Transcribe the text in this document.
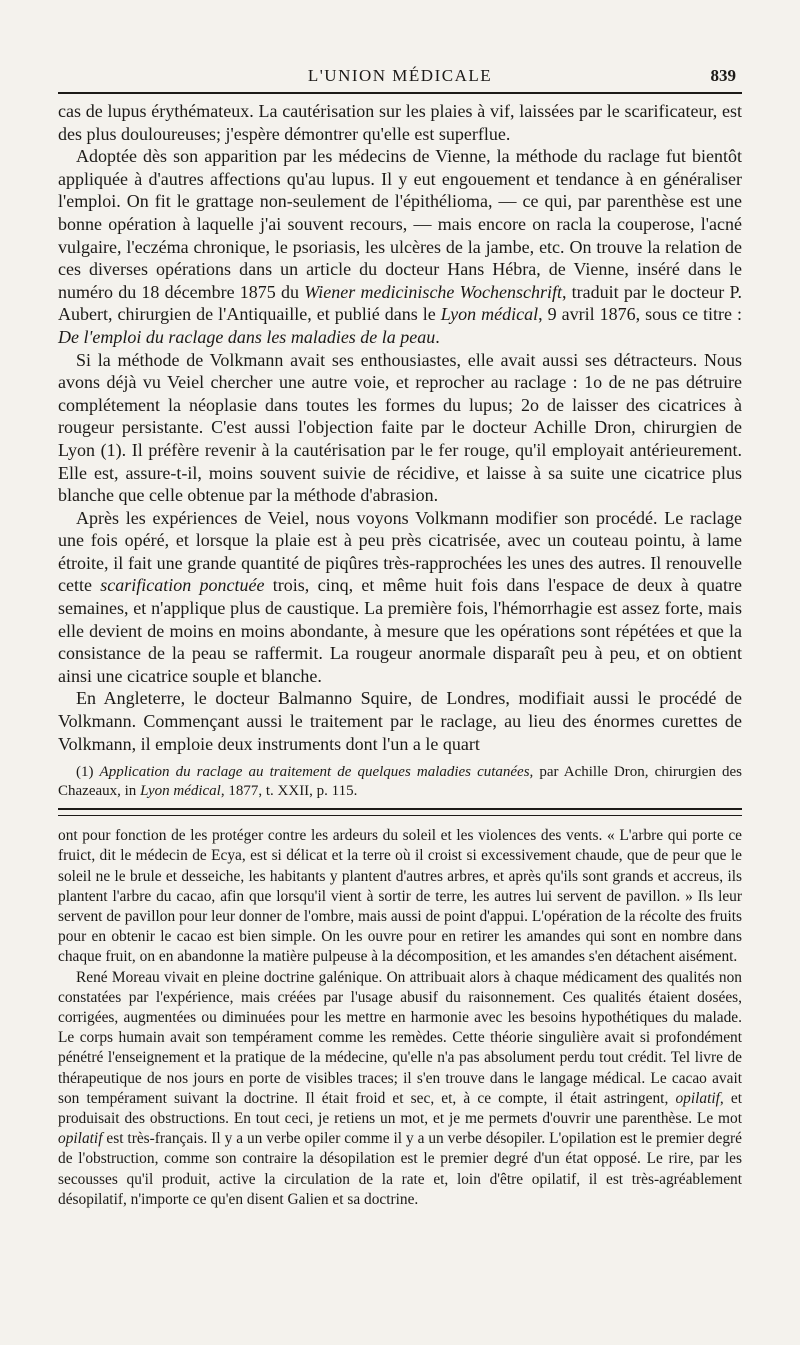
L'UNION MÉDICALE	839

cas de lupus érythémateux. La cautérisation sur les plaies à vif, laissées par le scarificateur, est des plus douloureuses; j'espère démontrer qu'elle est superflue.

Adoptée dès son apparition par les médecins de Vienne, la méthode du raclage fut bientôt appliquée à d'autres affections qu'au lupus. Il y eut engouement et tendance à en généraliser l'emploi. On fit le grattage non-seulement de l'épithélioma, — ce qui, par parenthèse est une bonne opération à laquelle j'ai souvent recours, — mais encore on racla la couperose, l'acné vulgaire, l'eczéma chronique, le psoriasis, les ulcères de la jambe, etc. On trouve la relation de ces diverses opérations dans un article du docteur Hans Hébra, de Vienne, inséré dans le numéro du 18 décembre 1875 du Wiener medicinische Wochenschrift, traduit par le docteur P. Aubert, chirurgien de l'Antiquaille, et publié dans le Lyon médical, 9 avril 1876, sous ce titre : De l'emploi du raclage dans les maladies de la peau.

Si la méthode de Volkmann avait ses enthousiastes, elle avait aussi ses détracteurs. Nous avons déjà vu Veiel chercher une autre voie, et reprocher au raclage : 1o de ne pas détruire complétement la néoplasie dans toutes les formes du lupus; 2o de laisser des cicatrices à rougeur persistante. C'est aussi l'objection faite par le docteur Achille Dron, chirurgien de Lyon (1). Il préfère revenir à la cautérisation par le fer rouge, qu'il employait antérieurement. Elle est, assure-t-il, moins souvent suivie de récidive, et laisse à sa suite une cicatrice plus blanche que celle obtenue par la méthode d'abrasion.

Après les expériences de Veiel, nous voyons Volkmann modifier son procédé. Le raclage une fois opéré, et lorsque la plaie est à peu près cicatrisée, avec un couteau pointu, à lame étroite, il fait une grande quantité de piqûres très-rapprochées les unes des autres. Il renouvelle cette scarification ponctuée trois, cinq, et même huit fois dans l'espace de deux à quatre semaines, et n'applique plus de caustique. La première fois, l'hémorrhagie est assez forte, mais elle devient de moins en moins abondante, à mesure que les opérations sont répétées et que la consistance de la peau se raffermit. La rougeur anormale disparaît peu à peu, et on obtient ainsi une cicatrice souple et blanche.

En Angleterre, le docteur Balmanno Squire, de Londres, modifiait aussi le procédé de Volkmann. Commençant aussi le traitement par le raclage, au lieu des énormes curettes de Volkmann, il emploie deux instruments dont l'un a le quart

(1) Application du raclage au traitement de quelques maladies cutanées, par Achille Dron, chirurgien des Chazeaux, in Lyon médical, 1877, t. XXII, p. 115.

ont pour fonction de les protéger contre les ardeurs du soleil et les violences des vents. « L'arbre qui porte ce fruict, dit le médecin de Ecya, est si délicat et la terre où il croist si excessivement chaude, que de peur que le soleil ne le brule et desseiche, les habitants y plantent d'autres arbres, et après qu'ils sont grands et accreus, ils plantent l'arbre du cacao, afin que lorsqu'il vient à sortir de terre, les autres lui servent de pavillon. » Ils leur servent de pavillon pour leur donner de l'ombre, mais aussi de point d'appui. L'opération de la récolte des fruits pour en obtenir le cacao est bien simple. On les ouvre pour en retirer les amandes qui sont en nombre dans chaque fruit, on en abandonne la matière pulpeuse à la décomposition, et les amandes s'en détachent aisément.

René Moreau vivait en pleine doctrine galénique. On attribuait alors à chaque médicament des qualités non constatées par l'expérience, mais créées par l'usage abusif du raisonnement. Ces qualités étaient dosées, corrigées, augmentées ou diminuées pour les mettre en harmonie avec les besoins hypothétiques du malade. Le corps humain avait son tempérament comme les remèdes. Cette théorie singulière avait si profondément pénétré l'enseignement et la pratique de la médecine, qu'elle n'a pas absolument perdu tout crédit. Tel livre de thérapeutique de nos jours en porte de visibles traces; il s'en trouve dans le langage médical. Le cacao avait son tempérament suivant la doctrine. Il était froid et sec, et, à ce compte, il était astringent, opilatif, et produisait des obstructions. En tout ceci, je retiens un mot, et je me permets d'ouvrir une parenthèse. Le mot opilatif est très-français. Il y a un verbe opiler comme il y a un verbe désopiler. L'opilation est le premier degré de l'obstruction, comme son contraire la désopilation est le premier degré d'un état opposé. Le rire, par les secousses qu'il produit, active la circulation de la rate et, loin d'être opilatif, il est très-agréablement désopilatif, n'importe ce qu'en disent Galien et sa doctrine.
